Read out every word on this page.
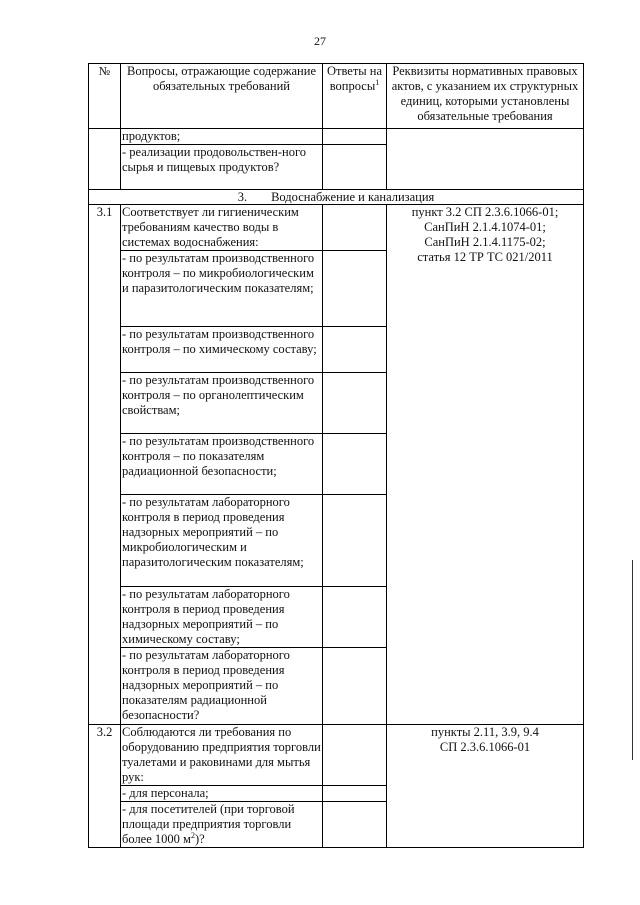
27
№	Вопросы, отражающие содержание обязательных требований	Ответы на вопросы$^1$	Реквизиты нормативных правовых актов, с указанием их структурных единиц, которыми установлены обязательные требования
	продуктов;		
	- реализации продовольствен-ного сырья и пищевых продуктов?		
3. Водоснабжение и канализация			
3.1	Соответствует ли гигиеническим требованиям качество воды в системах водоснабжения:		пункт 3.2 СП 2.3.6.1066-01;
СанПиН 2.1.4.1074-01;
СанПиН 2.1.4.1175-02;
статья 12 ТР ТС 021/2011

	- по результатам производственного контроля – по микробиологическим и паразитологическим показателям;		
	- по результатам производственного контроля – по химическому составу;		
	- по результатам производственного контроля – по органолептическим свойствам;		
	- по результатам производственного контроля – по показателям радиационной безопасности;		
	- по результатам лабораторного контроля в период проведения надзорных мероприятий – по микробиологическим и паразитологическим показателям;		
	- по результатам лабораторного контроля в период проведения надзорных мероприятий – по химическому составу;		
	- по результатам лабораторного контроля в период проведения надзорных мероприятий – по показателям радиационной безопасности?		
3.2	Соблюдаются ли требования по оборудованию предприятия торговли туалетами и раковинами для мытья рук:		пункты 2.11, 3.9, 9.4
СП 2.3.6.1066-01

	- для персонала;		
	- для посетителей (при торговой площади предприятия торговли более 1000 $м^2$)?		
